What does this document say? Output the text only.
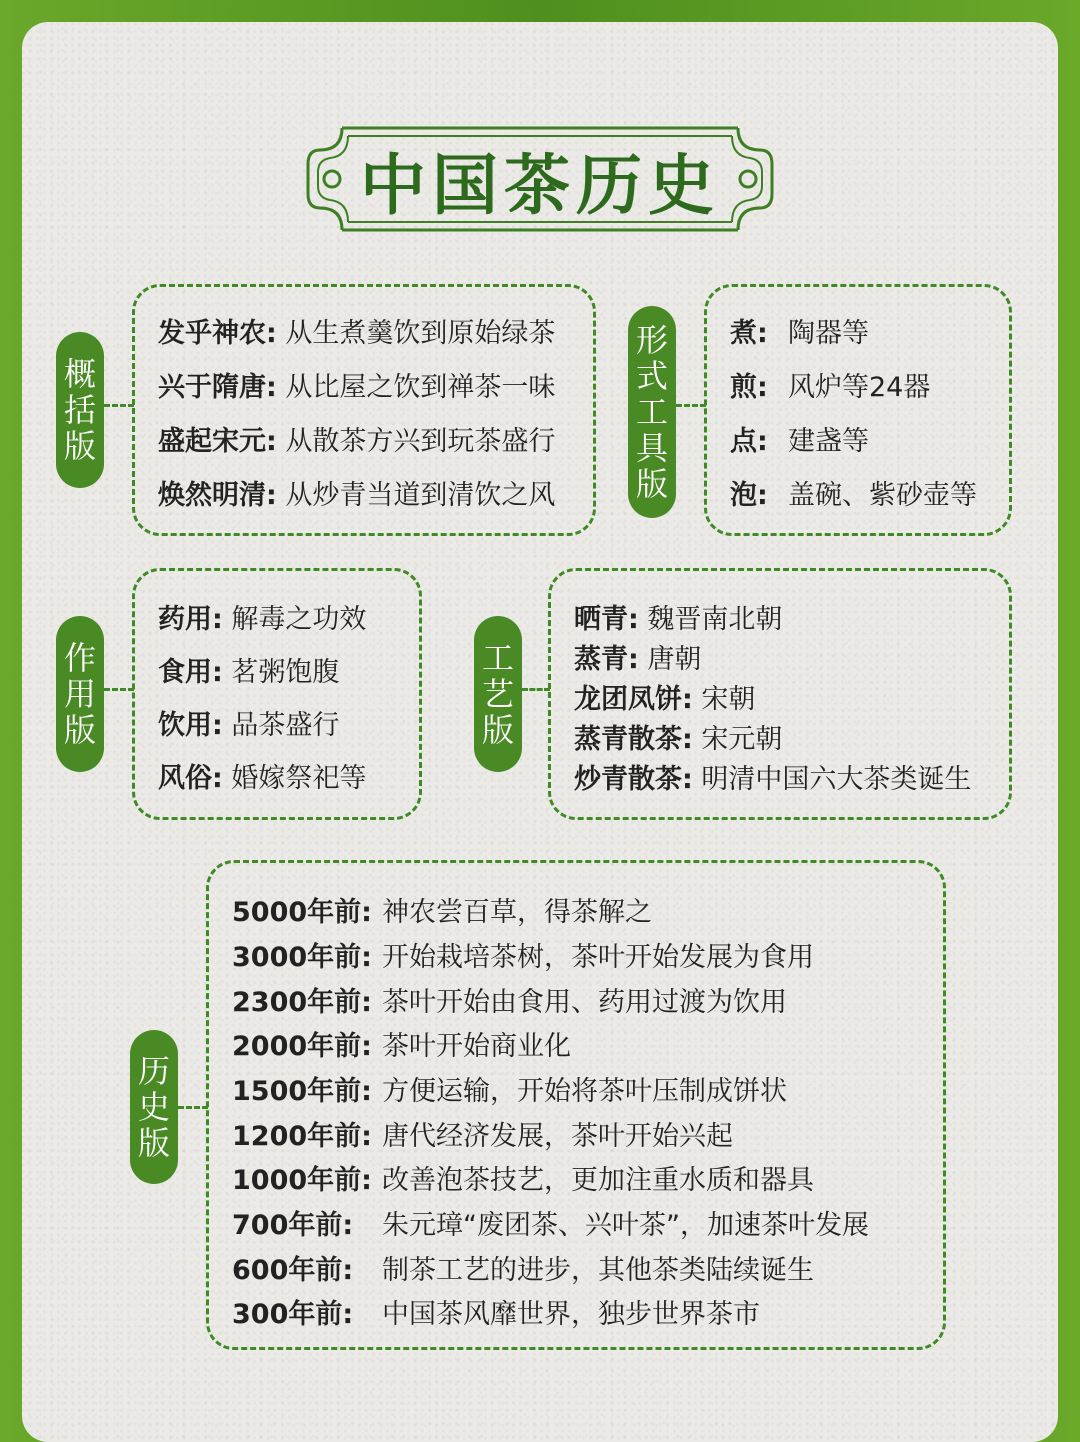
中国茶历史
概
括
版
发乎神农: 从生煮羹饮到原始绿茶
兴于隋唐: 从比屋之饮到禅茶一味
盛起宋元: 从散茶方兴到玩茶盛行
焕然明清: 从炒青当道到清饮之风
形
式
工
具
版
煮: 陶器等
煎: 风炉等24器
点: 建盏等
泡: 盖碗、紫砂壶等
作
用
版
药用: 解毒之功效
食用: 茗粥饱腹
饮用: 品茶盛行
风俗: 婚嫁祭祀等
工
艺
版
晒青: 魏晋南北朝
蒸青: 唐朝
龙团凤饼: 宋朝
蒸青散茶: 宋元朝
炒青散茶: 明清中国六大茶类诞生
历
史
版
5000年前: 神农尝百草，得茶解之
3000年前: 开始栽培茶树，茶叶开始发展为食用
2300年前: 茶叶开始由食用、药用过渡为饮用
2000年前: 茶叶开始商业化
1500年前: 方便运输，开始将茶叶压制成饼状
1200年前: 唐代经济发展，茶叶开始兴起
1000年前: 改善泡茶技艺，更加注重水质和器具
700年前: 朱元璋“废团茶、兴叶茶”，加速茶叶发展
600年前: 制茶工艺的进步，其他茶类陆续诞生
300年前: 中国茶风靡世界，独步世界茶市
